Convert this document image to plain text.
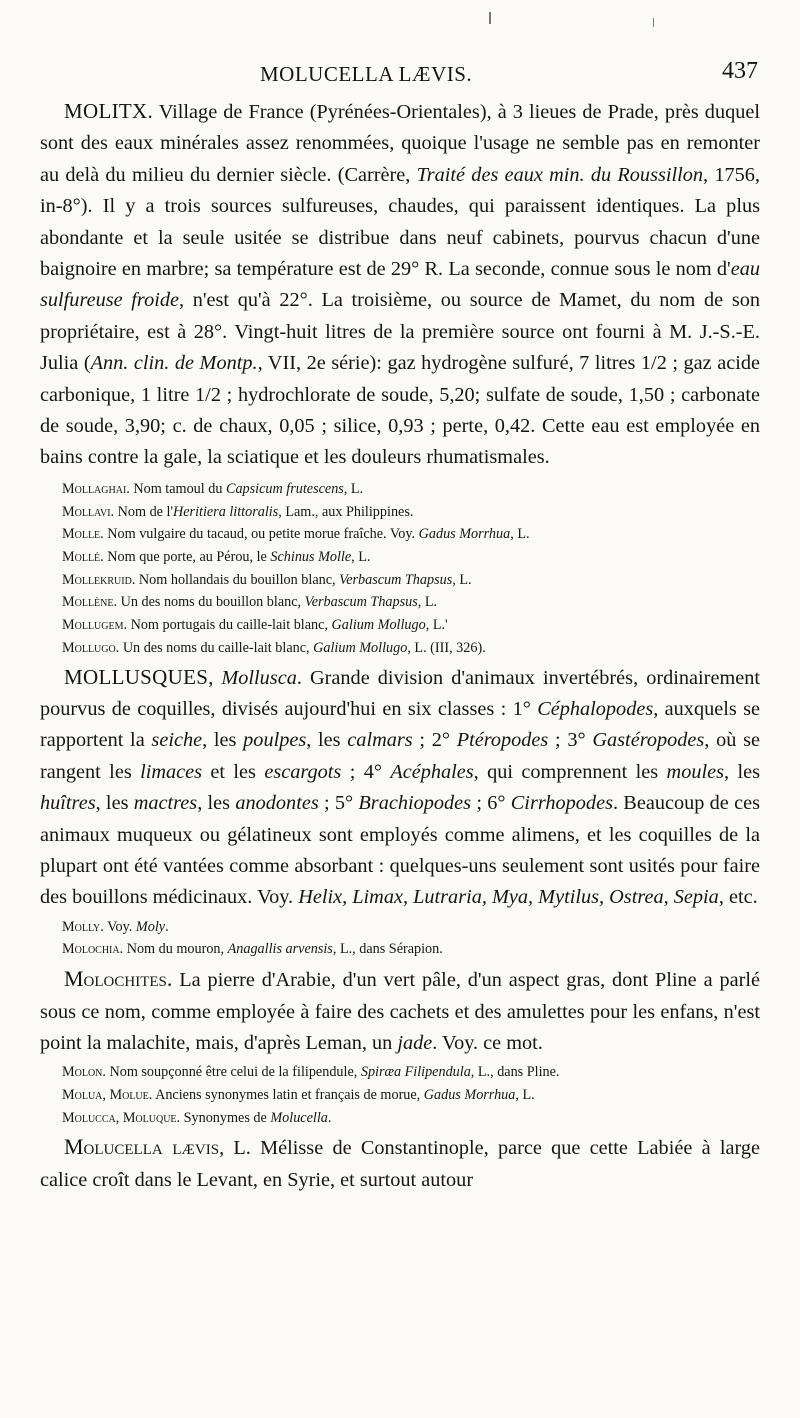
MOLUCELLA LÆVIS.	437

MOLITX. Village de France (Pyrénées-Orientales), à 3 lieues de Prade, près duquel sont des eaux minérales assez renommées, quoique l'usage ne semble pas en remonter au delà du milieu du dernier siècle. (Carrère, Traité des eaux min. du Roussillon, 1756, in-8°). Il y a trois sources sulfureuses, chaudes, qui paraissent identiques. La plus abondante et la seule usitée se distribue dans neuf cabinets, pourvus chacun d'une baignoire en marbre; sa température est de 29° R. La seconde, connue sous le nom d'eau sulfureuse froide, n'est qu'à 22°. La troisième, ou source de Mamet, du nom de son propriétaire, est à 28°. Vingt-huit litres de la première source ont fourni à M. J.-S.-E. Julia (Ann. clin. de Montp., VII, 2e série): gaz hydrogène sulfuré, 7 litres 1/2 ; gaz acide carbonique, 1 litre 1/2 ; hydrochlorate de soude, 5,20; sulfate de soude, 1,50 ; carbonate de soude, 3,90; c. de chaux, 0,05 ; silice, 0,93 ; perte, 0,42. Cette eau est employée en bains contre la gale, la sciatique et les douleurs rhumatismales.

Mollaghai. Nom tamoul du Capsicum frutescens, L.

Mollavi. Nom de l'Heritiera littoralis, Lam., aux Philippines.

Molle. Nom vulgaire du tacaud, ou petite morue fraîche. Voy. Gadus Morrhua, L.

Mollé. Nom que porte, au Pérou, le Schinus Molle, L.

Mollekruid. Nom hollandais du bouillon blanc, Verbascum Thapsus, L.

Mollène. Un des noms du bouillon blanc, Verbascum Thapsus, L.

Mollugem. Nom portugais du caille-lait blanc, Galium Mollugo, L.'

Mollugo. Un des noms du caille-lait blanc, Galium Mollugo, L. (III, 326).

MOLLUSQUES, Mollusca. Grande division d'animaux invertébrés, ordinairement pourvus de coquilles, divisés aujourd'hui en six classes : 1° Céphalopodes, auxquels se rapportent la seiche, les poulpes, les calmars ; 2° Ptéropodes ; 3° Gastéropodes, où se rangent les limaces et les escargots ; 4° Acéphales, qui comprennent les moules, les huîtres, les mactres, les anodontes ; 5° Brachiopodes ; 6° Cirrhopodes. Beaucoup de ces animaux muqueux ou gélatineux sont employés comme alimens, et les coquilles de la plupart ont été vantées comme absorbant : quelques-uns seulement sont usités pour faire des bouillons médicinaux. Voy. Helix, Limax, Lutraria, Mya, Mytilus, Ostrea, Sepia, etc.

Molly. Voy. Moly.

Molochia. Nom du mouron, Anagallis arvensis, L., dans Sérapion.

Molochites. La pierre d'Arabie, d'un vert pâle, d'un aspect gras, dont Pline a parlé sous ce nom, comme employée à faire des cachets et des amulettes pour les enfans, n'est point la malachite, mais, d'après Leman, un jade. Voy. ce mot.

Molon. Nom soupçonné être celui de la filipendule, Spiræa Filipendula, L., dans Pline.

Molua, Molue. Anciens synonymes latin et français de morue, Gadus Morrhua, L.

Molucca, Moluque. Synonymes de Molucella.

Molucella lævis, L. Mélisse de Constantinople, parce que cette Labiée à large calice croît dans le Levant, en Syrie, et surtout autour
